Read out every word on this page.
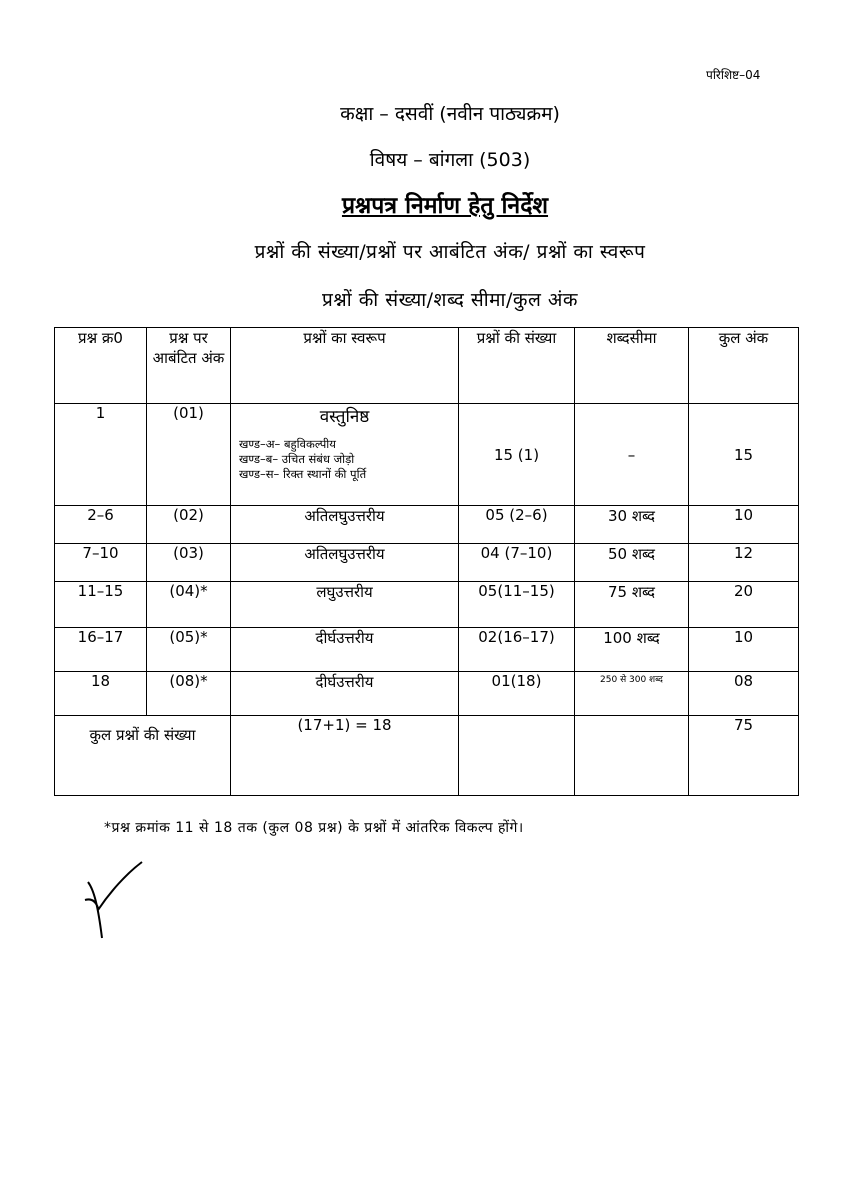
परिशिष्ट–04
कक्षा – दसवीं (नवीन पाठ्यक्रम)
विषय – बांगला (503)
प्रश्नपत्र निर्माण हेतु निर्देश
प्रश्नों की संख्या/प्रश्नों पर आबंटित अंक/ प्रश्नों का स्वरूप
प्रश्नों की संख्या/शब्द सीमा/कुल अंक
प्रश्न क्र0	प्रश्न पर आबंटित अंक	प्रश्नों का स्वरूप	प्रश्नों की संख्या	शब्दसीमा	कुल अंक
1	(01)	वस्तुनिष्ठ
खण्ड–अ– बहुविकल्पीय
खण्ड–ब– उचित संबंध जोड़ो
खण्ड–स– रिक्त स्थानों की पूर्ति	15 (1)	–	15
2–6	(02)	अतिलघुउत्तरीय	05 (2–6)	30 शब्द	10
7–10	(03)	अतिलघुउत्तरीय	04 (7–10)	50 शब्द	12
11–15	(04)*	लघुउत्तरीय	05(11–15)	75 शब्द	20
16–17	(05)*	दीर्घउत्तरीय	02(16–17)	100 शब्द	10
18	(08)*	दीर्घउत्तरीय	01(18)	250 से 300 शब्द	08
कुल प्रश्नों की संख्या		(17+1) = 18			75
*प्रश्न क्रमांक 11 से 18 तक (कुल 08 प्रश्न) के प्रश्नों में आंतरिक विकल्प होंगे।
